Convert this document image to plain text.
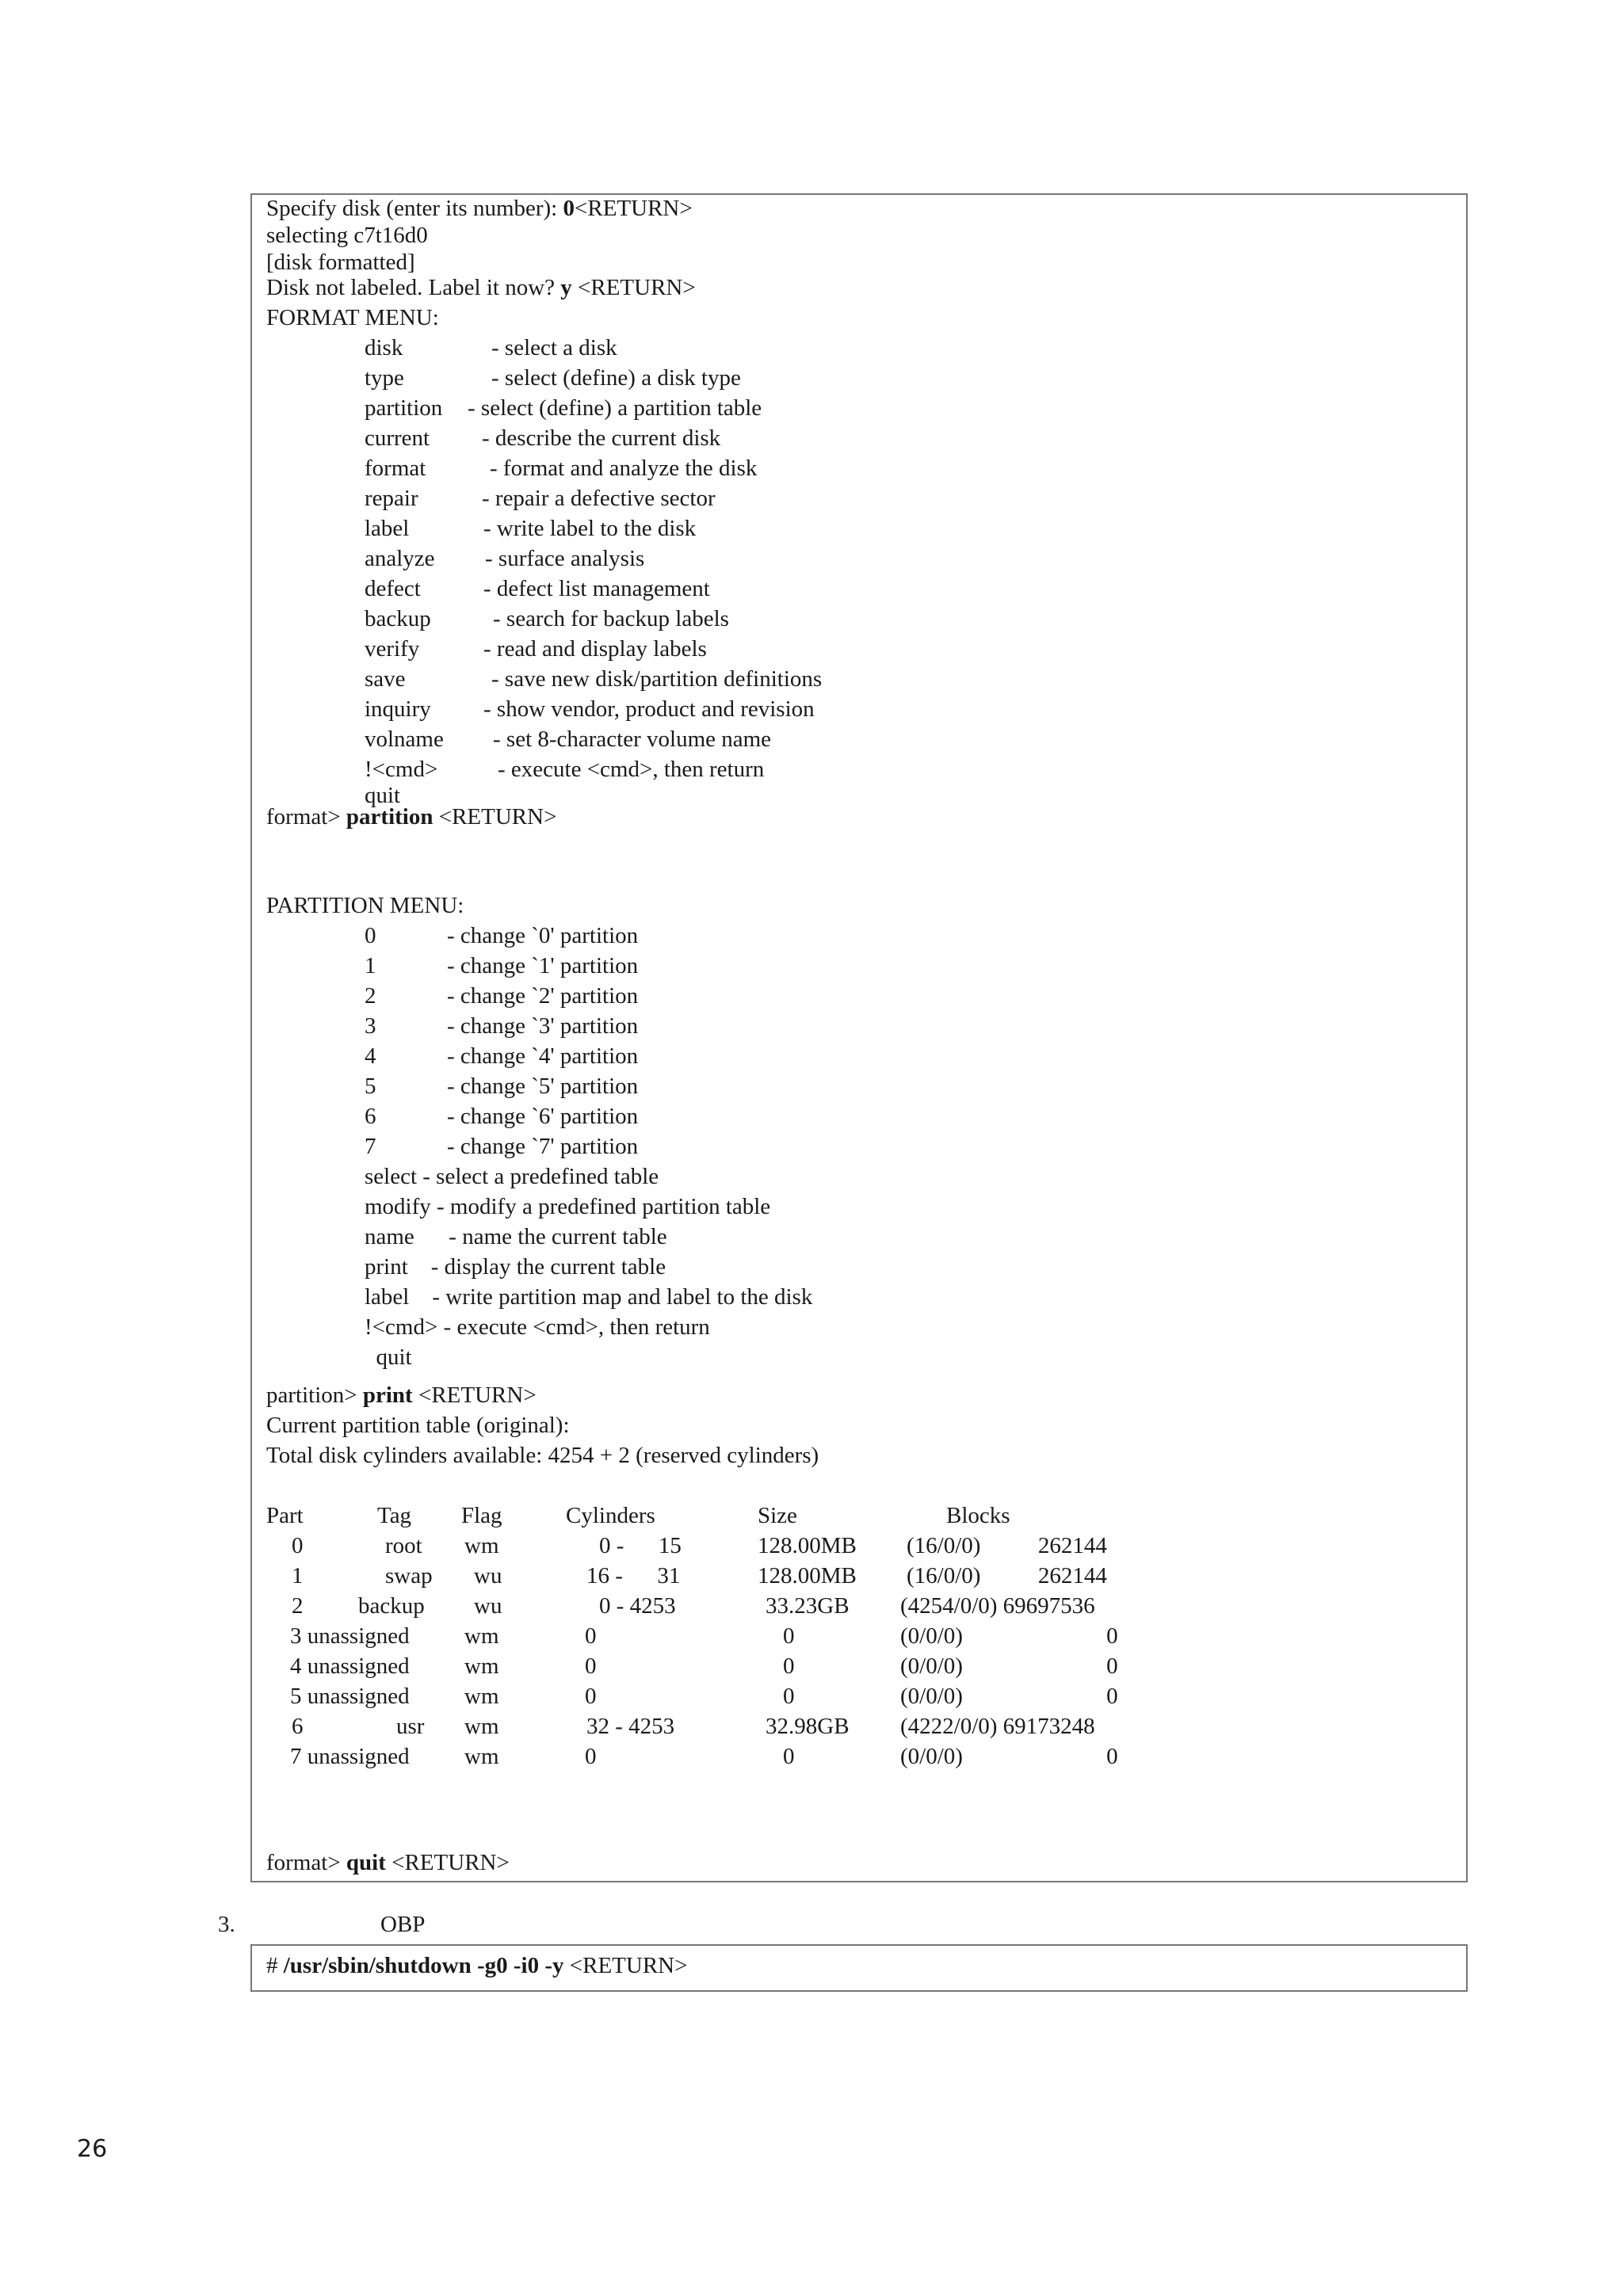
Specify disk (enter its number): 0<RETURN>
selecting c7t16d0
[disk formatted]
Disk not labeled. Label it now? y <RETURN>
FORMAT MENU:
disk	- select a disk
type	- select (define) a disk type
partition - select (define) a partition table
current - describe the current disk
format	- format and analyze the disk
repair	- repair a defective sector
label	- write label to the disk
analyze - surface analysis
defect	- defect list management
backup	- search for backup labels
verify	- read and display labels
save	- save new disk/partition definitions
inquiry - show vendor, product and revision
volname - set 8-character volume name
!<cmd>	- execute <cmd>, then return
quit
format> partition <RETURN>
PARTITION MENU:
0	- change `0' partition
1	- change `1' partition
2	- change `2' partition
3	- change `3' partition
4	- change `4' partition
5	- change `5' partition
6	- change `6' partition
7	- change `7' partition
select - select a predefined table
modify - modify a predefined partition table
name      - name the current table
print    - display the current table
label    - write partition map and label to the disk
!<cmd> - execute <cmd>, then return
quit
partition> print <RETURN>
Current partition table (original):
Total disk cylinders available: 4254 + 2 (reserved cylinders)
Part	Tag Flag	Cylinders	Size	Blocks
0	root wm	0 -      15	128.00MB (16/0/0)          262144
1	swap wu	16 -      31	128.00MB (16/0/0)          262144
2 backup wu	0 - 4253	33.23GB (4254/0/0) 69697536
3 unassigned wm	0	0	(0/0/0)                         0
4 unassigned wm	0	0	(0/0/0)                         0
5 unassigned wm	0	0	(0/0/0)                         0
6	usr wm	32 - 4253	32.98GB (4222/0/0) 69173248
7 unassigned wm	0	0	(0/0/0)                         0
format> quit <RETURN>
3.	OBP
# /usr/sbin/shutdown -g0 -i0 -y <RETURN>
26
